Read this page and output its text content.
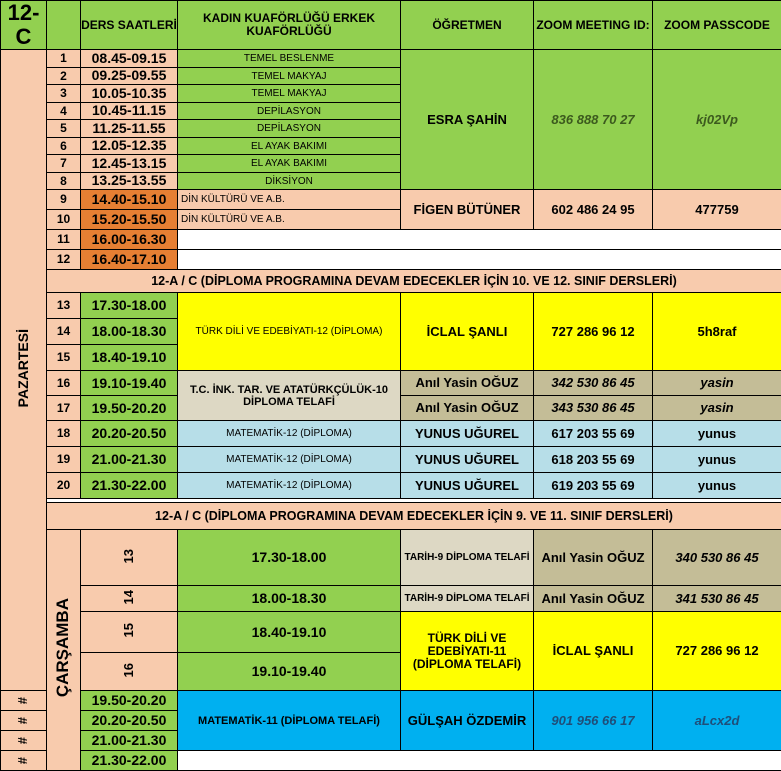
12-C		DERS SAATLERİ	KADIN KUAFÖRLÜĞÜ ERKEK KUAFÖRLÜĞÜ	ÖĞRETMEN	ZOOM MEETING ID:	ZOOM PASSCODE	
PAZARTESİ	1	08.45-09.15	TEMEL BESLENME	ESRA ŞAHİN	836 888 70 27	kj02Vp	
	2	09.25-09.55	TEMEL MAKYAJ				
	3	10.05-10.35	TEMEL MAKYAJ				
	4	10.45-11.15	DEPİLASYON				
	5	11.25-11.55	DEPİLASYON				
	6	12.05-12.35	EL AYAK BAKIMI				
	7	12.45-13.15	EL AYAK BAKIMI				
	8	13.25-13.55	DİKSİYON				
	9	14.40-15.10	DİN KÜLTÜRÜ VE A.B.	FİGEN BÜTÜNER	602 486 24 95	477759	
	10	15.20-15.50	DİN KÜLTÜRÜ VE A.B.				
	11	16.00-16.30					
	12	16.40-17.10					
	12-A / C (DİPLOMA PROGRAMINA DEVAM EDECEKLER İÇİN 10. VE 12. SINIF DERSLERİ)						
	13	17.30-18.00	TÜRK DİLİ VE EDEBİYATI-12 (DİPLOMA)	İCLAL ŞANLI	727 286 96 12	5h8raf	
	14	18.00-18.30					
	15	18.40-19.10					
	16	19.10-19.40	T.C. İNK. TAR. VE ATATÜRKÇÜLÜK-10 DİPLOMA TELAFİ	Anıl Yasin OĞUZ	342 530 86 45	yasin	
	17	19.50-20.20		Anıl Yasin OĞUZ	343 530 86 45	yasin	
	18	20.20-20.50	MATEMATİK-12 (DİPLOMA)	YUNUS UĞUREL	617 203 55 69	yunus	
	19	21.00-21.30	MATEMATİK-12 (DİPLOMA)	YUNUS UĞUREL	618 203 55 69	yunus	
	20	21.30-22.00	MATEMATİK-12 (DİPLOMA)	YUNUS UĞUREL	619 203 55 69	yunus	

	12-A / C (DİPLOMA PROGRAMINA DEVAM EDECEKLER İÇİN 9. VE 11. SINIF DERSLERİ)						
	ÇARŞAMBA	13	17.30-18.00	TARİH-9 DİPLOMA TELAFİ	Anıl Yasin OĞUZ	340 530 86 45	
		14	18.00-18.30	TARİH-9 DİPLOMA TELAFİ	Anıl Yasin OĞUZ	341 530 86 45	
		15	18.40-19.10	TÜRK DİLİ VE EDEBİYATI-11 (DİPLOMA TELAFİ)	İCLAL ŞANLI	727 286 96 12	
		16	19.10-19.40				
#		19.50-20.20	MATEMATİK-11 (DİPLOMA TELAFİ)	GÜLŞAH ÖZDEMİR	901 956 66 17	aLcx2d	
#		20.20-20.50					
#		21.00-21.30					
#		21.30-22.00					
